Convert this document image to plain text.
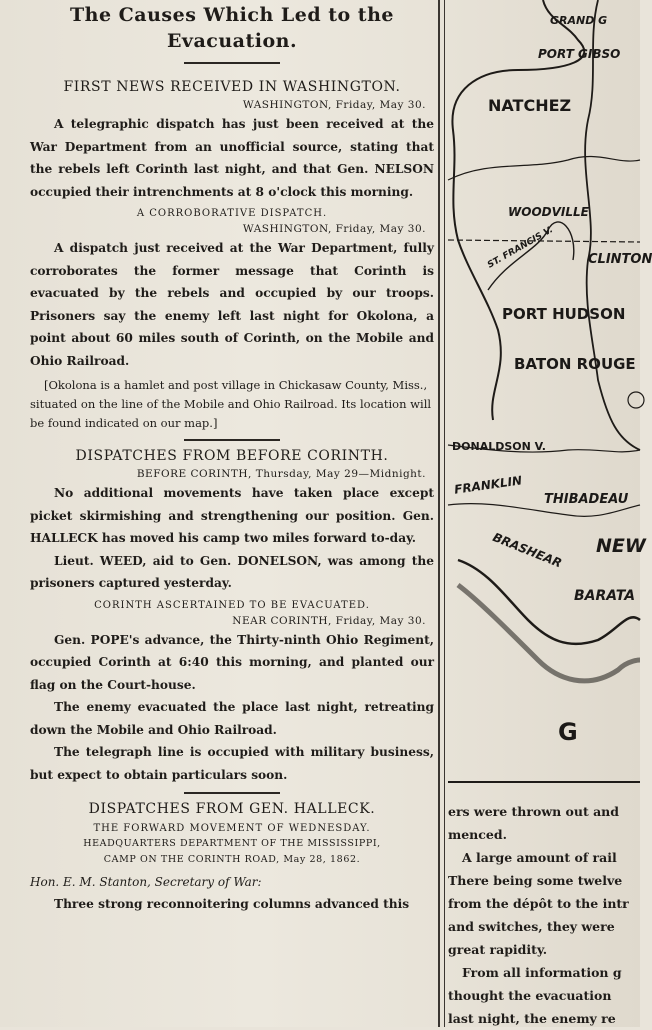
The Causes Which Led to the
Evacuation.
FIRST NEWS RECEIVED IN WASHINGTON.
WASHINGTON, Friday, May 30.

A telegraphic dispatch has just been received at the War Department from an unofficial source, stating that the rebels left Corinth last night, and that Gen. NELSON occupied their intrenchments at 8 o'clock this morning.

A CORROBORATIVE DISPATCH.
WASHINGTON, Friday, May 30.

A dispatch just received at the War Department, fully corroborates the former message that Corinth is evacuated by the rebels and occupied by our troops. Prisoners say the enemy left last night for Okolona, a point about 60 miles south of Corinth, on the Mobile and Ohio Railroad.

[Okolona is a hamlet and post village in Chickasaw County, Miss., situated on the line of the Mobile and Ohio Railroad. Its location will be found indicated on our map.]

DISPATCHES FROM BEFORE CORINTH.
BEFORE CORINTH, Thursday, May 29—Midnight.

No additional movements have taken place except picket skirmishing and strengthening our position. Gen. HALLECK has moved his camp two miles forward to-day.

Lieut. WEED, aid to Gen. DONELSON, was among the prisoners captured yesterday.

CORINTH ASCERTAINED TO BE EVACUATED.
NEAR CORINTH, Friday, May 30.

Gen. POPE's advance, the Thirty-ninth Ohio Regiment, occupied Corinth at 6:40 this morning, and planted our flag on the Court-house.

The enemy evacuated the place last night, retreating down the Mobile and Ohio Railroad.

The telegraph line is occupied with military business, but expect to obtain particulars soon.

DISPATCHES FROM GEN. HALLECK.
THE FORWARD MOVEMENT OF WEDNESDAY.
HEADQUARTERS DEPARTMENT OF THE MISSISSIPPI,
CAMP ON THE CORINTH ROAD, May 28, 1862.
Hon. E. M. Stanton, Secretary of War:

Three strong reconnoitering columns advanced this

GRAND G
PORT GIBSO
NATCHEZ
WOODVILLE
ST. FRANCIS V.	CLINTON
PORT HUDSON
BATON ROUGE
DONALDSON V.
FRANKLIN
THIBADEAU
BRASHEAR NEW
BARATA
G
ers were thrown out and
menced.
A large amount of rail
There being some twelve
from the dépôt to the intr
and switches, they were
great rapidity.
From all information g
thought the evacuation
last night, the enemy re
